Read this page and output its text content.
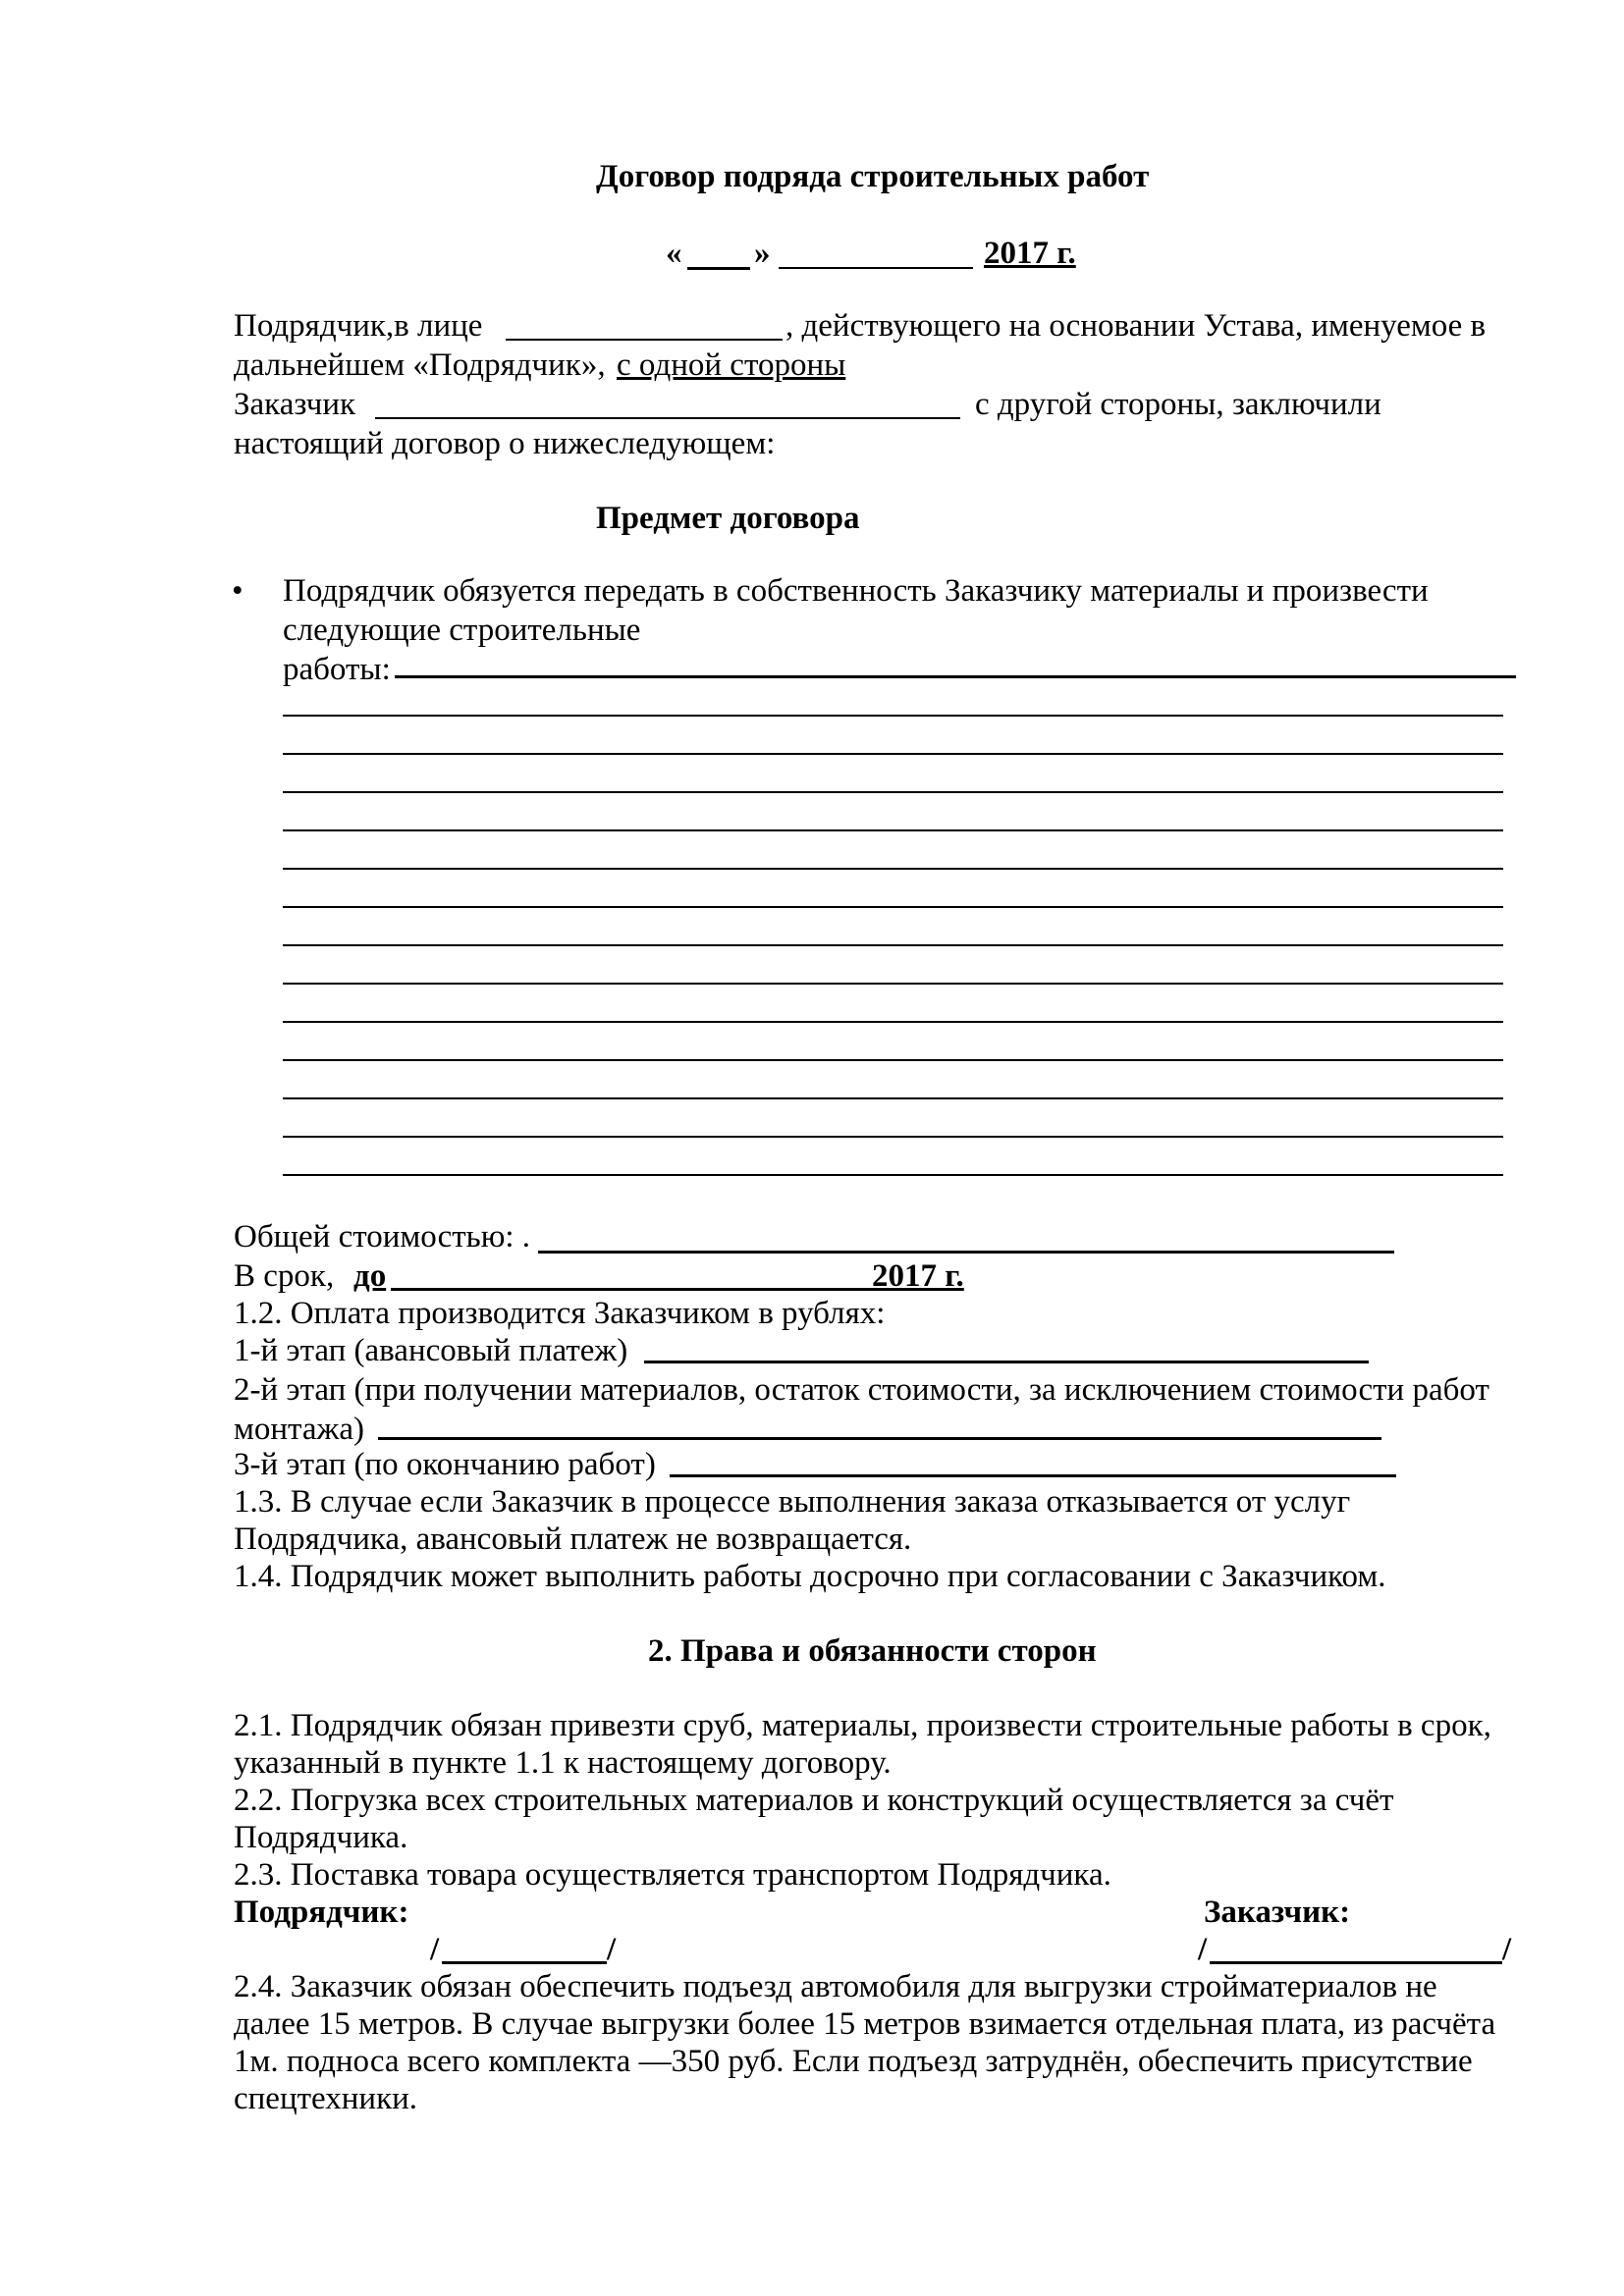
Договор подряда строительных работ
« »	2017 г.
Подрядчик,в лице	, действующего на основании Устава, именуемое в
дальнейшем «Подрядчик», с одной стороны
Заказчик	с другой стороны, заключили
настоящий договор о нижеследующем:
Предмет договора
• Подрядчик обязуется передать в собственность Заказчику материалы и произвести
следующие строительные
работы:
Общей стоимостью: .
В срок, до	2017 г.
1.2. Оплата производится Заказчиком в рублях:
1-й этап (авансовый платеж)
2-й этап (при получении материалов, остаток стоимости, за исключением стоимости работ
монтажа)
3-й этап (по окончанию работ)
1.3. В случае если Заказчик в процессе выполнения заказа отказывается от услуг
Подрядчика, авансовый платеж не возвращается.
1.4. Подрядчик может выполнить работы досрочно при согласовании с Заказчиком.
2. Права и обязанности сторон
2.1. Подрядчик обязан привезти сруб, материалы, произвести строительные работы в срок,
указанный в пункте 1.1 к настоящему договору.
2.2. Погрузка всех строительных материалов и конструкций осуществляется за счёт
Подрядчика.
2.3. Поставка товара осуществляется транспортом Подрядчика.
Подрядчик:	Заказчик:
/	/	/	/
2.4. Заказчик обязан обеспечить подъезд автомобиля для выгрузки стройматериалов не
далее 15 метров. В случае выгрузки более 15 метров взимается отдельная плата, из расчёта
1м. подноса всего комплекта —350 руб. Если подъезд затруднён, обеспечить присутствие
спецтехники.
